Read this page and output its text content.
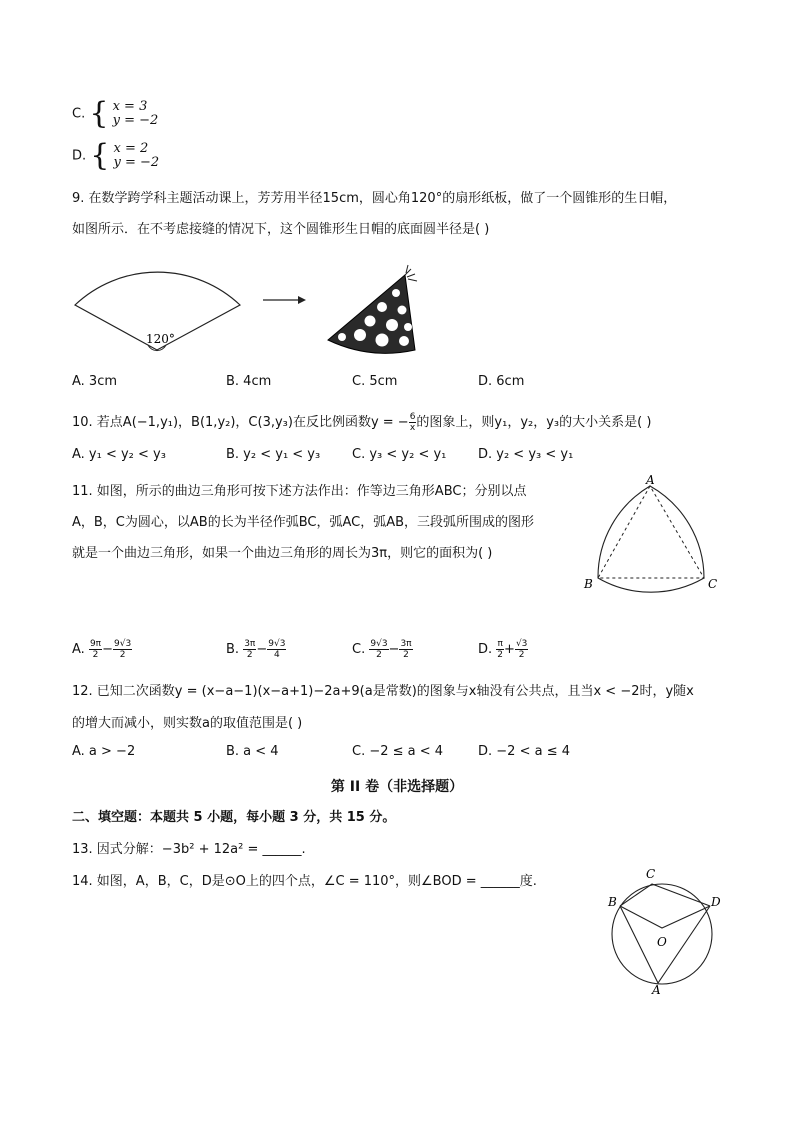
C. { x = 3
y = −2
D. { x = 2
y = −2
9. 在数学跨学科主题活动课上，芳芳用半径15cm，圆心角120°的扇形纸板，做了一个圆锥形的生日帽，
如图所示．在不考虑接缝的情况下，这个圆锥形生日帽的底面圆半径是( )
120°
A. 3cm	B. 4cm	C. 5cm	D. 6cm
10. 若点A(−1,y₁)，B(1,y₂)，C(3,y₃)在反比例函数y = − $\frac{6}{x}$ 的图象上，则y₁，y₂，y₃的大小关系是( )
A. y₁ < y₂ < y₃	B. y₂ < y₁ < y₃ C. y₃ < y₂ < y₁ D. y₂ < y₃ < y₁
11. 如图，所示的曲边三角形可按下述方法作出：作等边三角形ABC；分别以点
A，B，C为圆心，以AB的长为半径作弧BC，弧AC，弧AB，三段弧所围成的图形
就是一个曲边三角形，如果一个曲边三角形的周长为3π，则它的面积为( )
A
B	C
A. $\frac{9\pi}{2} - \frac{9√3}{2}$	B. $\frac{3\pi}{2} - \frac{9√3}{4}$	C. $\frac{9√3}{2} - \frac{3\pi}{2}$	D. $\frac{\pi}{2} + \frac{√3}{2}$
12. 已知二次函数y = (x−a−1)(x−a+1)−2a+9(a是常数)的图象与x轴没有公共点，且当x < −2时，y随x
的增大而减小，则实数a的取值范围是( )
A. a > −2	B. a < 4	C. −2 ≤ a < 4	D. −2 < a ≤ 4
第 II 卷（非选择题）
二、填空题：本题共 5 小题，每小题 3 分，共 15 分。
13. 因式分解：−3b² + 12a² = ______.
14. 如图，A，B，C，D是⊙O上的四个点，∠C = 110°，则∠BOD = ______度.	C
B	D
O
A
